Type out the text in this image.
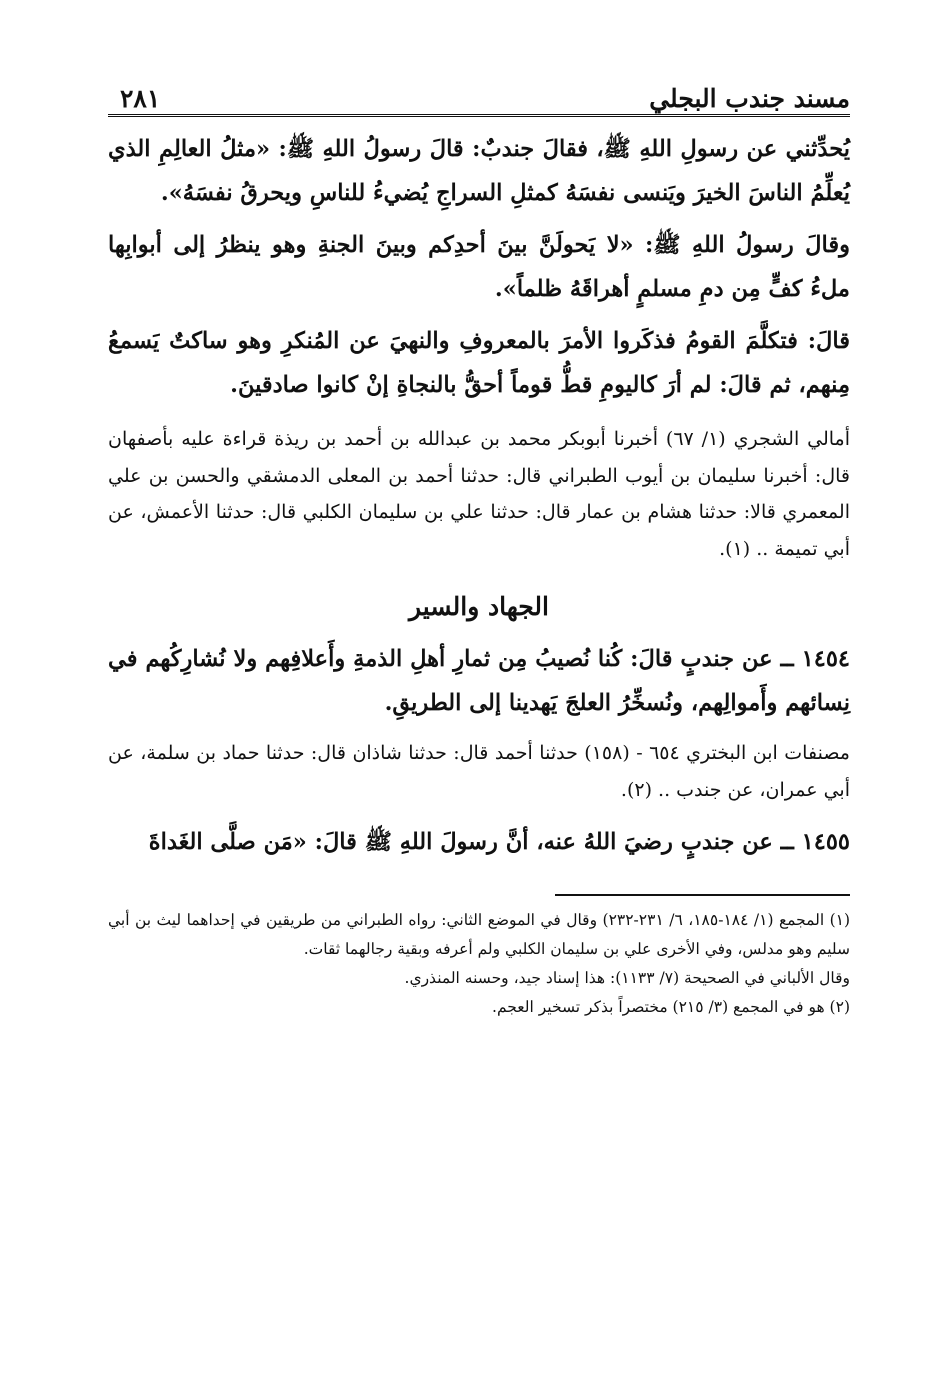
مسند جندب البجلي
٢٨١

يُحدِّثني عن رسولِ اللهِ ﷺ، فقالَ جندبٌ: قالَ رسولُ اللهِ ﷺ: «مثلُ العالِمِ الذي يُعلِّمُ الناسَ الخيرَ ويَنسى نفسَهُ كمثلِ السراجِ يُضيءُ للناسِ ويحرقُ نفسَهُ».

وقالَ رسولُ اللهِ ﷺ: «لا يَحولَنَّ بينَ أحدِكم وبينَ الجنةِ وهو ينظرُ إلى أبوابِها ملءُ كفٍّ مِن دمِ مسلمٍ أهراقَهُ ظلماً».

قالَ: فتكلَّمَ القومُ فذكَروا الأمرَ بالمعروفِ والنهيَ عن المُنكرِ وهو ساكتٌ يَسمعُ مِنهم، ثم قالَ: لم أرَ كاليومِ قطُّ قوماً أحقُّ بالنجاةِ إنْ كانوا صادقينَ.

أمالي الشجري (١/ ٦٧) أخبرنا أبوبكر محمد بن عبدالله بن أحمد بن ريذة قراءة عليه بأصفهان قال: أخبرنا سليمان بن أيوب الطبراني قال: حدثنا أحمد بن المعلى الدمشقي والحسن بن علي المعمري قالا: حدثنا هشام بن عمار قال: حدثنا علي بن سليمان الكلبي قال: حدثنا الأعمش، عن أبي تميمة .. (١).

الجهاد والسير

١٤٥٤ ــ عن جندبٍ قالَ: كُنا نُصيبُ مِن ثمارِ أهلِ الذمةِ وأَعلافِهم ولا نُشارِكُهم في نِسائهم وأَموالِهم، ونُسخِّرُ العلجَ يَهدينا إلى الطريقِ.

مصنفات ابن البختري ٦٥٤ - (١٥٨) حدثنا أحمد قال: حدثنا شاذان قال: حدثنا حماد بن سلمة، عن أبي عمران، عن جندب .. (٢).

١٤٥٥ ــ عن جندبٍ رضيَ اللهُ عنه، أنَّ رسولَ اللهِ ﷺ قالَ: «مَن صلَّى الغَداةَ

(١) المجمع (١/ ١٨٤-١٨٥، ٦/ ٢٣١-٢٣٢) وقال في الموضع الثاني: رواه الطبراني من طريقين في إحداهما ليث بن أبي سليم وهو مدلس، وفي الأخرى علي بن سليمان الكلبي ولم أعرفه وبقية رجالهما ثقات.

وقال الألباني في الصحيحة (٧/ ١١٣٣): هذا إسناد جيد، وحسنه المنذري.

(٢) هو في المجمع (٣/ ٢١٥) مختصراً بذكر تسخير العجم.
